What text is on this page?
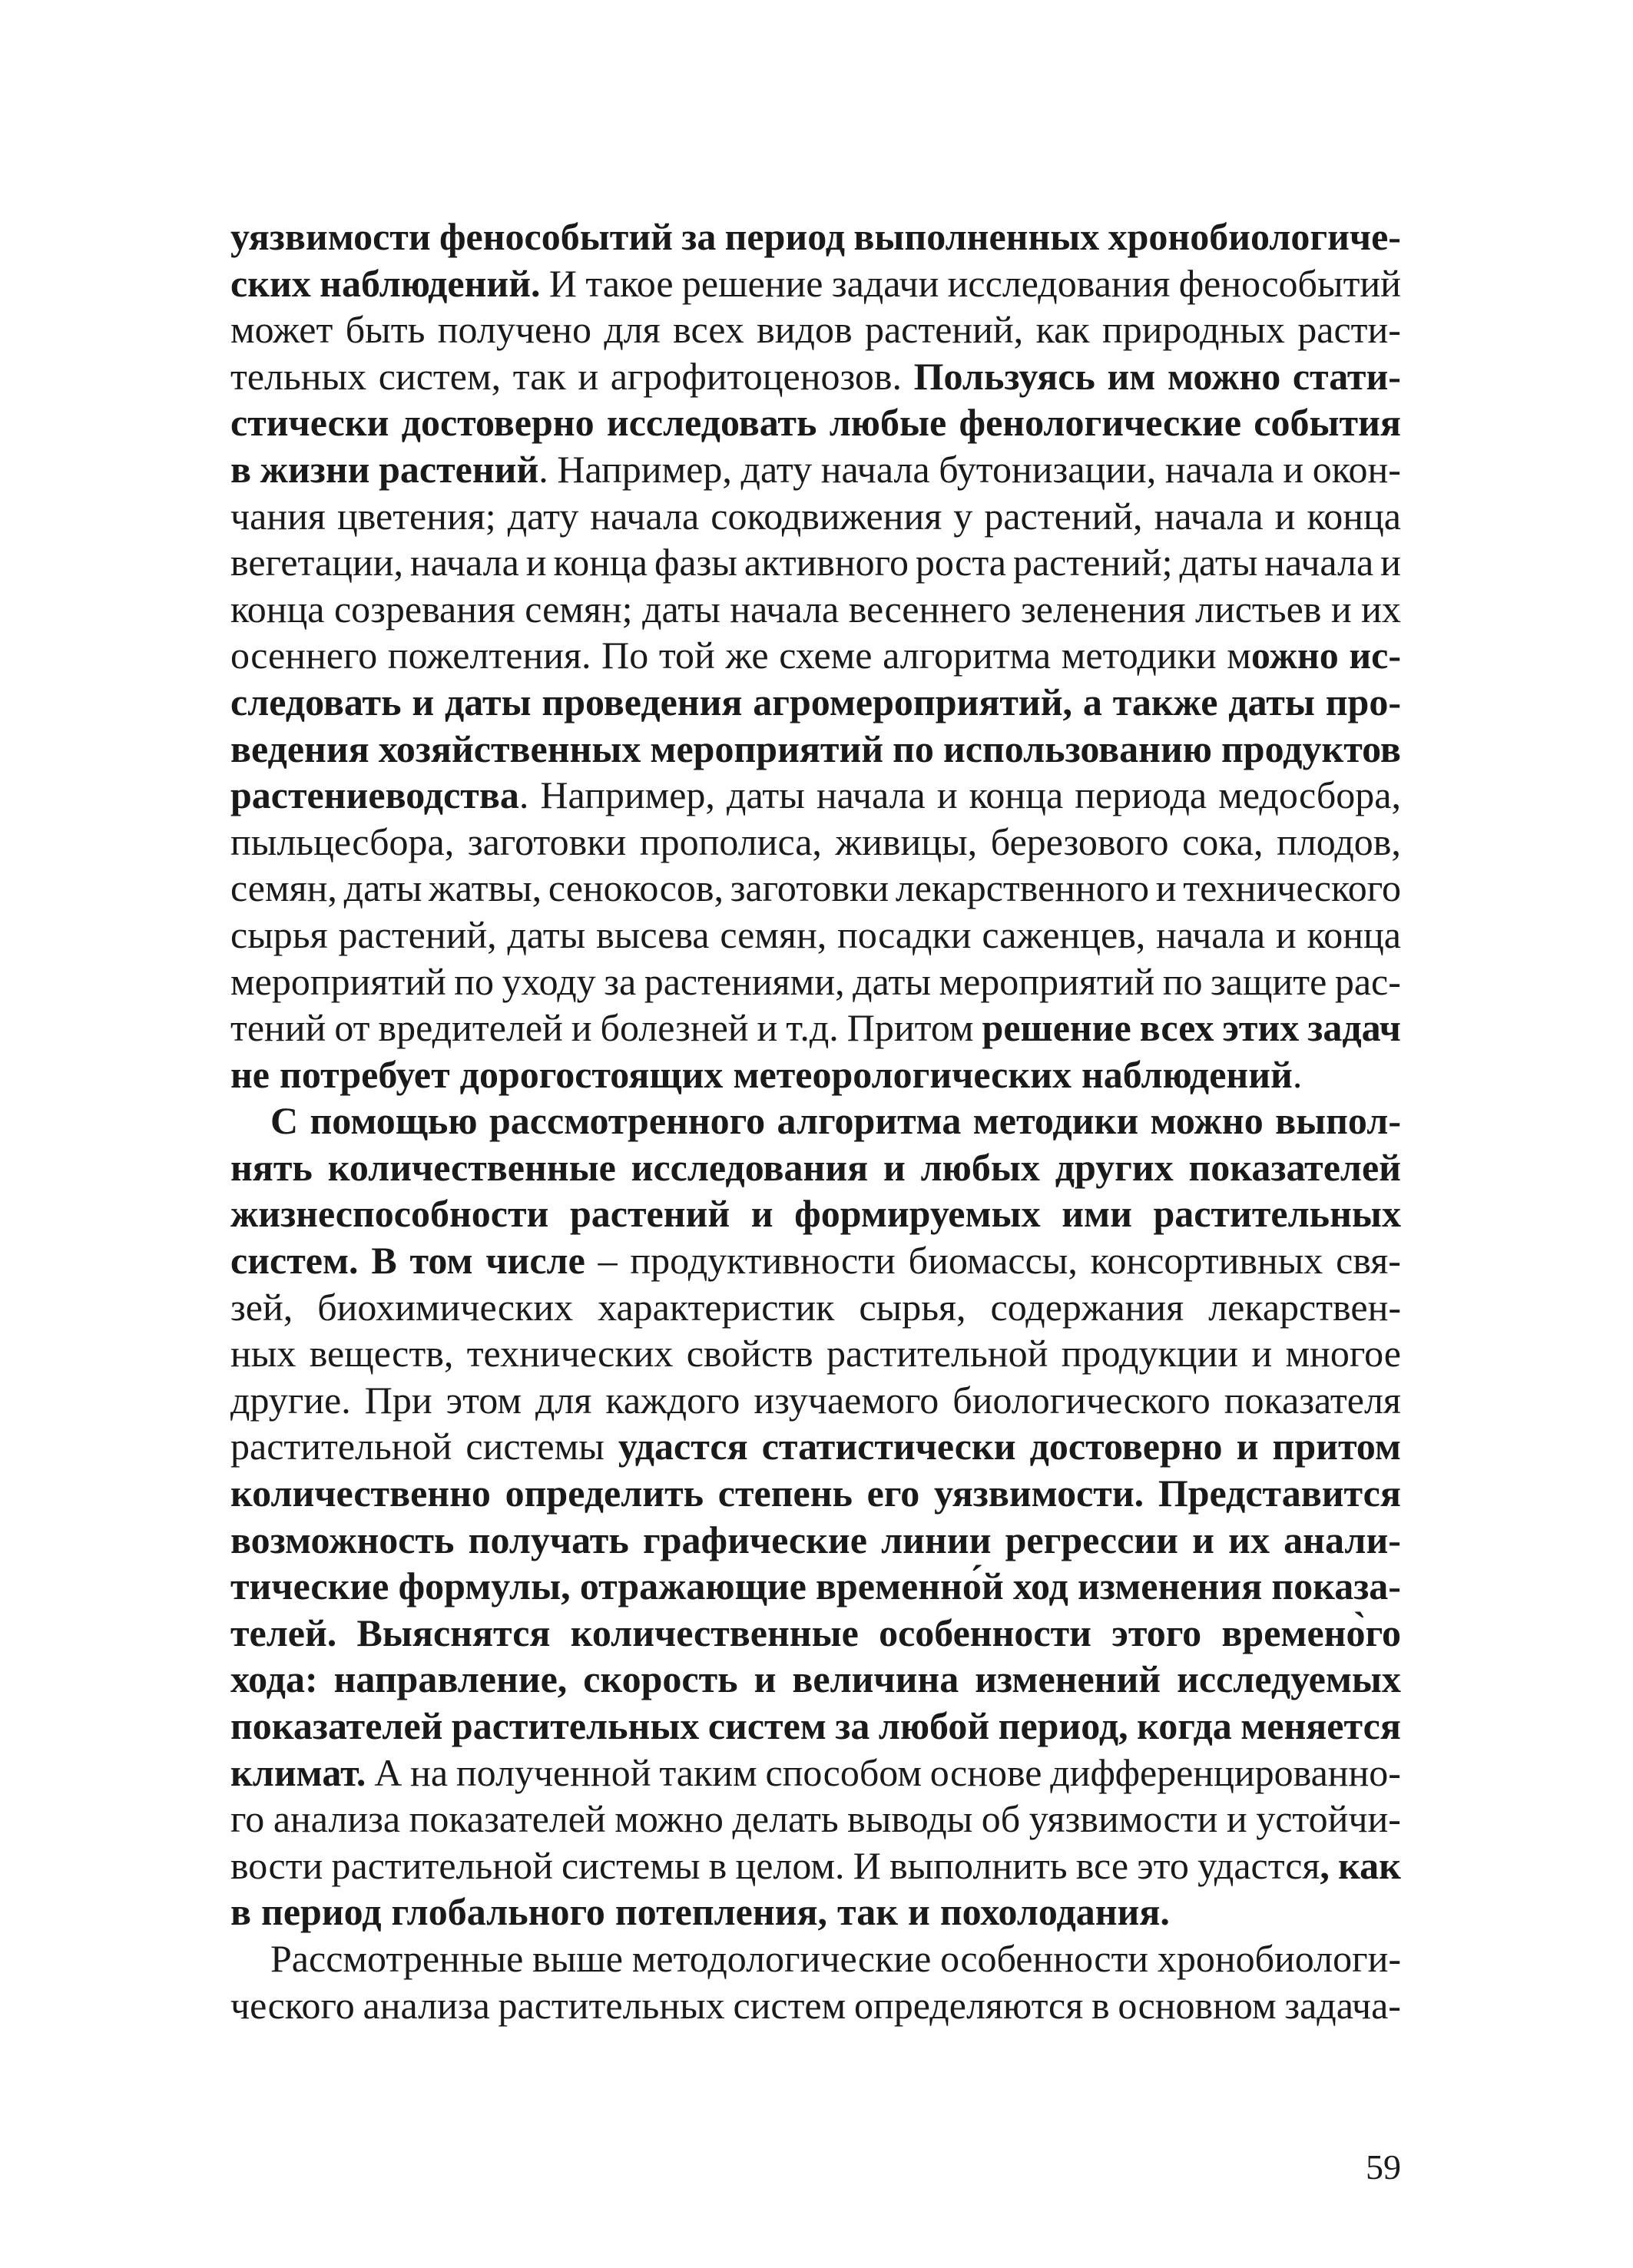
уязвимости фенособытий за период выполненных хронобиологиче-
ских наблюдений. И такое решение задачи исследования фенособытий
может быть получено для всех видов растений, как природных расти-
тельных систем, так и агрофитоценозов. Пользуясь им можно стати-
стически достоверно исследовать любые фенологические события
в жизни растений. Например, дату начала бутонизации, начала и окон-
чания цветения; дату начала сокодвижения у растений, начала и конца
вегетации, начала и конца фазы активного роста растений; даты начала и
конца созревания семян; даты начала весеннего зеленения листьев и их
осеннего пожелтения. По той же схеме алгоритма методики можно ис-
следовать и даты проведения агромероприятий, а также даты про-
ведения хозяйственных мероприятий по использованию продуктов
растениеводства. Например, даты начала и конца периода медосбора,
пыльцесбора, заготовки прополиса, живицы, березового сока, плодов,
семян, даты жатвы, сенокосов, заготовки лекарственного и технического
сырья растений, даты высева семян, посадки саженцев, начала и конца
мероприятий по уходу за растениями, даты мероприятий по защите рас-
тений от вредителей и болезней и т.д. Притом решение всех этих задач
не потребует дорогостоящих метеорологических наблюдений.
С помощью рассмотренного алгоритма методики можно выпол-
нять количественные исследования и любых других показателей
жизнеспособности растений и формируемых ими растительных
систем. В том числе – продуктивности биомассы, консортивных свя-
зей, биохимических характеристик сырья, содержания лекарствен-
ных веществ, технических свойств растительной продукции и многое
другие. При этом для каждого изучаемого биологического показателя
растительной системы удастся статистически достоверно и притом
количественно определить степень его уязвимости. Представится
возможность получать графические линии регрессии и их анали-
тические формулы, отражающие временно́й ход изменения показа-
телей. Выяснятся количественные особенности этого времено̀го
хода: направление, скорость и величина изменений исследуемых
показателей растительных систем за любой период, когда меняется
климат. А на полученной таким способом основе дифференцированно-
го анализа показателей можно делать выводы об уязвимости и устойчи-
вости растительной системы в целом. И выполнить все это удастся, как
в период глобального потепления, так и похолодания.
Рассмотренные выше методологические особенности хронобиологи-
ческого анализа растительных систем определяются в основном задача-
59
